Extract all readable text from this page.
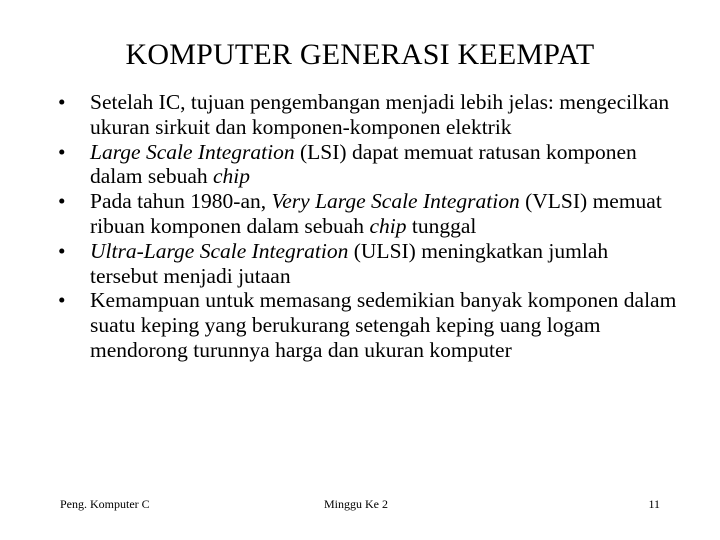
KOMPUTER GENERASI KEEMPAT
•	Setelah IC, tujuan pengembangan menjadi lebih jelas: mengecilkan ukuran sirkuit dan komponen-komponen elektrik
•	Large Scale Integration (LSI) dapat memuat ratusan komponen dalam sebuah chip
•	Pada tahun 1980-an, Very Large Scale Integration (VLSI) memuat ribuan komponen dalam sebuah chip tunggal
•	Ultra-Large Scale Integration (ULSI) meningkatkan jumlah tersebut menjadi jutaan
•	Kemampuan untuk memasang sedemikian banyak komponen dalam suatu keping yang berukurang setengah keping uang logam mendorong turunnya harga dan ukuran komputer
Peng. Komputer C	Minggu Ke 2	11
